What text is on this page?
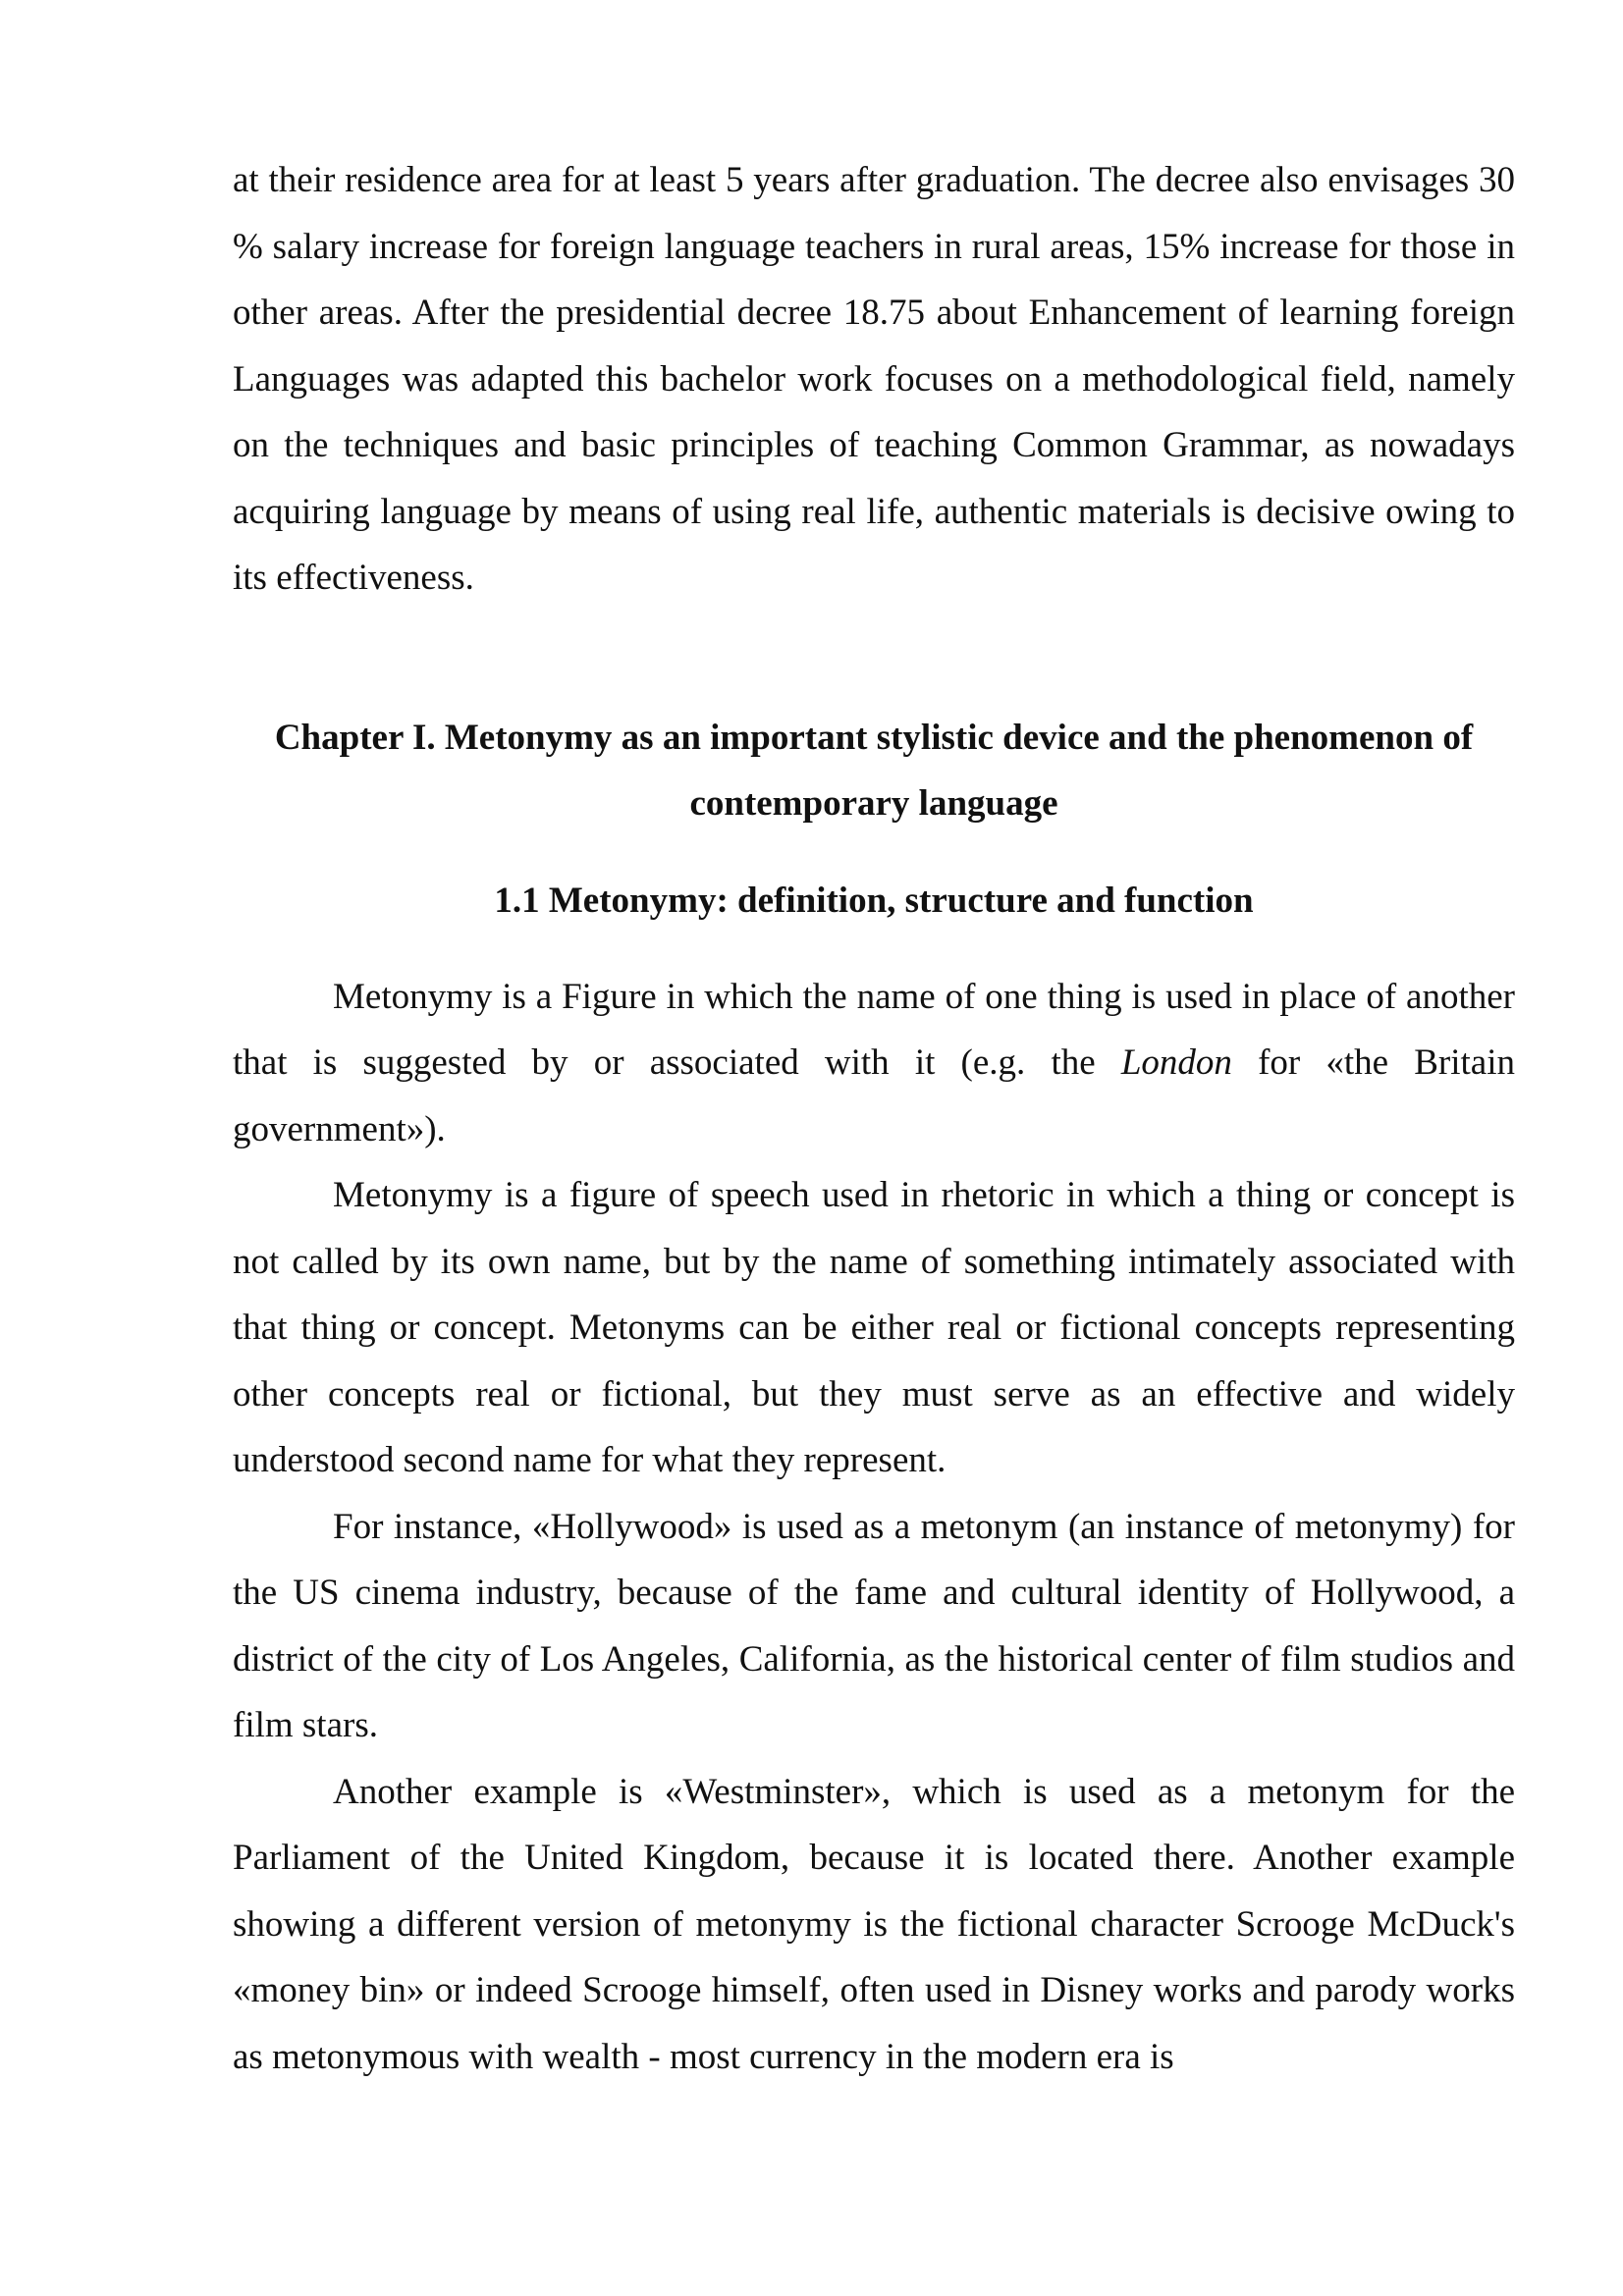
at their residence area for at least 5 years after graduation. The decree also envisages 30 % salary increase for foreign language teachers in rural areas, 15% increase for those in other areas. After the presidential decree 18.75 about Enhancement of learning foreign Languages was adapted this bachelor work focuses on a methodological field, namely on the techniques and basic principles of teaching Common Grammar, as nowadays acquiring language by means of using real life, authentic materials is decisive owing to its effectiveness.

Chapter I. Metonymy as an important stylistic device and the phenomenon of

contemporary language

1.1 Metonymy: definition, structure and function

Metonymy is a Figure in which the name of one thing is used in place of another that is suggested by or associated with it (e.g. the London for «the Britain government»).

Metonymy is a figure of speech used in rhetoric in which a thing or concept is not called by its own name, but by the name of something intimately associated with that thing or concept. Metonyms can be either real or fictional concepts representing other concepts real or fictional, but they must serve as an effective and widely understood second name for what they represent.

For instance, «Hollywood» is used as a metonym (an instance of metonymy) for the US cinema industry, because of the fame and cultural identity of Hollywood, a district of the city of Los Angeles, California, as the historical center of film studios and film stars.

Another example is «Westminster», which is used as a metonym for the Parliament of the United Kingdom, because it is located there. Another example showing a different version of metonymy is the fictional character Scrooge McDuck's «money bin» or indeed Scrooge himself, often used in Disney works and parody works as metonymous with wealth - most currency in the modern era is
